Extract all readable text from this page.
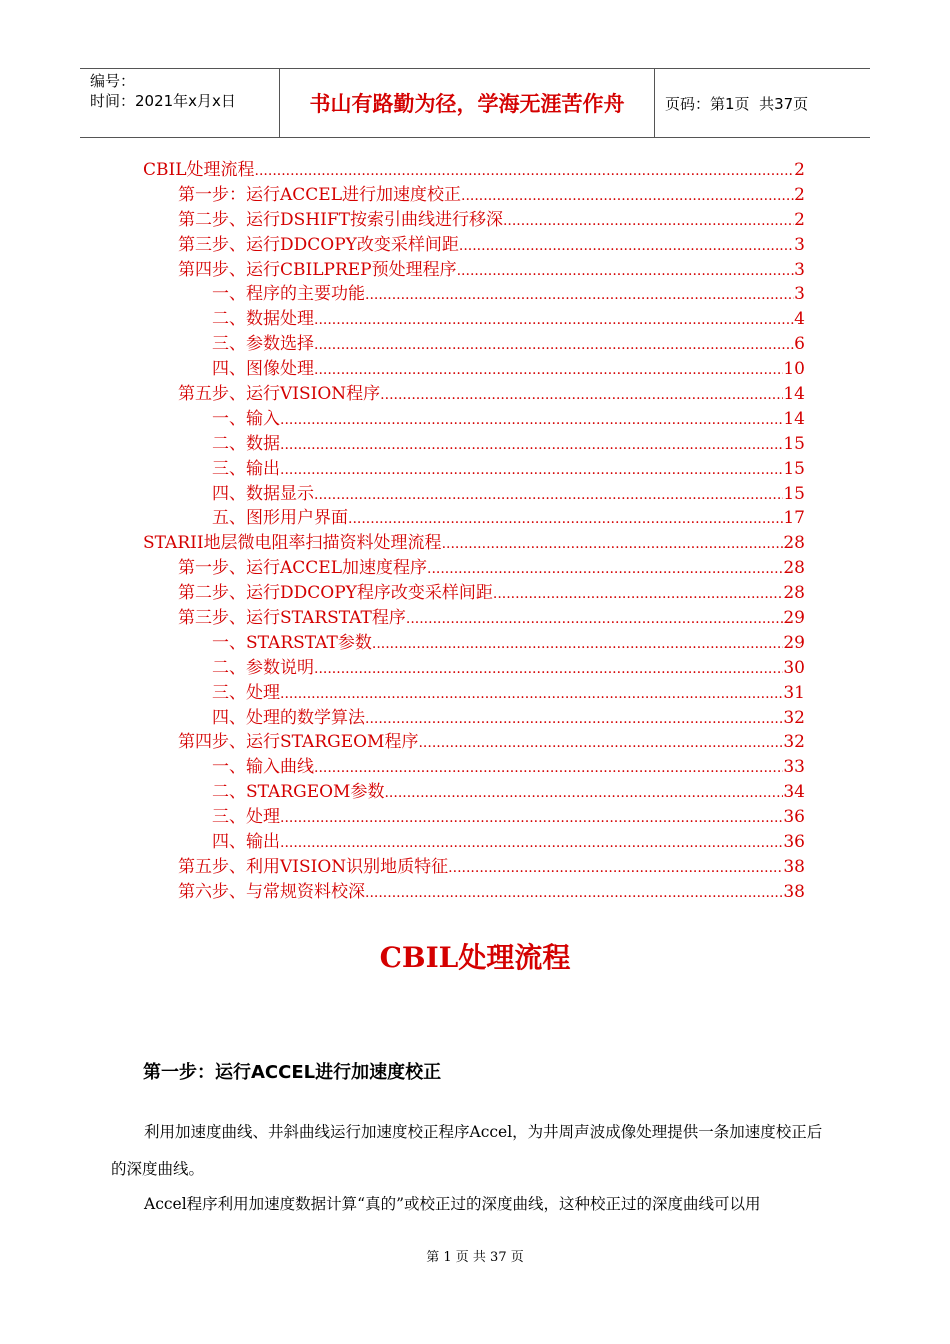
编号：
时间：2021年x月x日	书山有路勤为径，学海无涯苦作舟	页码：第1页  共37页
CBIL处理流程 .....	2
第一步：运行ACCEL进行加速度校正 .....	2
第二步、运行DSHIFT按索引曲线进行移深 .....	2
第三步、运行DDCOPY改变采样间距 .....	3
第四步、运行CBILPREP预处理程序 .....	3
一、程序的主要功能 .....	3
二、数据处理 .....	4
三、参数选择 .....	6
四、图像处理 .....	10
第五步、运行VISION程序 .....	14
一、输入 .....	14
二、数据 .....	15
三、输出 .....	15
四、数据显示 .....	15
五、图形用户界面 .....	17
STARII地层微电阻率扫描资料处理流程 .....	28
第一步、运行ACCEL加速度程序 .....	28
第二步、运行DDCOPY程序改变采样间距 .....	28
第三步、运行STARSTAT程序 .....	29
一、STARSTAT参数 .....	29
二、参数说明 .....	30
三、处理 .....	31
四、处理的数学算法 .....	32
第四步、运行STARGEOM程序 .....	32
一、输入曲线 .....	33
二、STARGEOM参数 .....	34
三、处理 .....	36
四、输出 .....	36
第五步、利用VISION识别地质特征 .....	38
第六步、与常规资料校深 .....	38
CBIL处理流程
第一步：运行ACCEL进行加速度校正
利用加速度曲线、井斜曲线运行加速度校正程序Accel，为井周声波成像处理提供一条加速度校正后的深度曲线。
Accel程序利用加速度数据计算“真的”或校正过的深度曲线，这种校正过的深度曲线可以用
第 1 页 共 37 页
